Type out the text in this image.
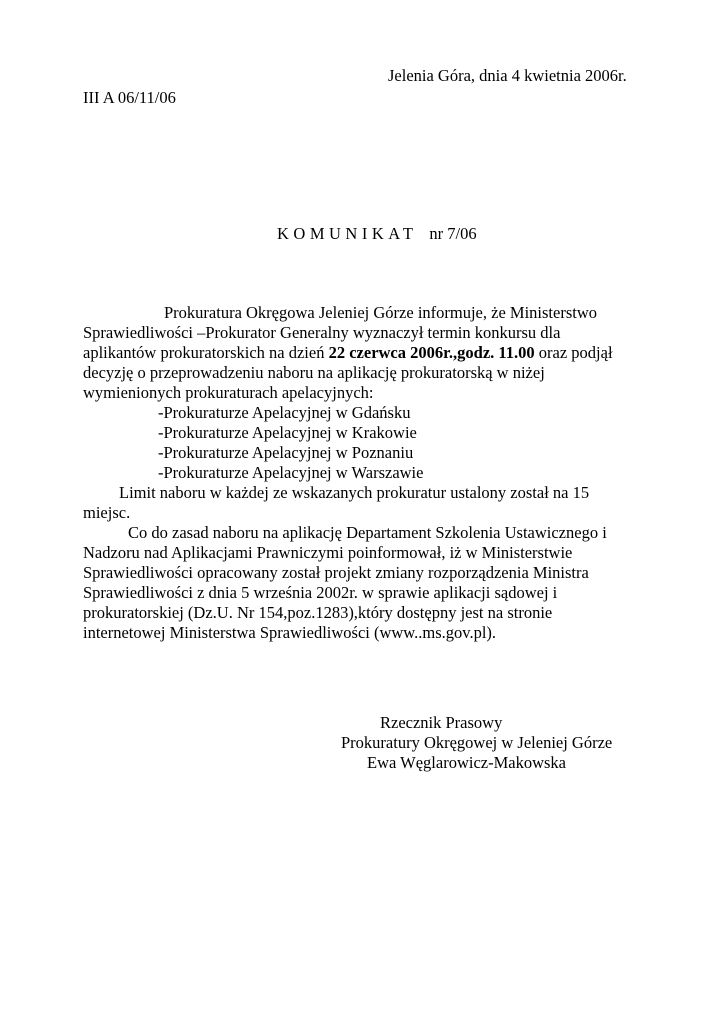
Jelenia Góra, dnia 4 kwietnia 2006r.
III A 06/11/06
KOMUNIKAT nr 7/06
Prokuratura Okręgowa Jeleniej Górze informuje, że Ministerstwo
Sprawiedliwości –Prokurator Generalny wyznaczył termin konkursu dla
aplikantów prokuratorskich na dzień 22 czerwca 2006r.,godz. 11.00 oraz podjął
decyzję o przeprowadzeniu naboru na aplikację prokuratorską w niżej
wymienionych prokuraturach apelacyjnych:
-Prokuraturze Apelacyjnej w Gdańsku
-Prokuraturze Apelacyjnej w Krakowie
-Prokuraturze Apelacyjnej w Poznaniu
-Prokuraturze Apelacyjnej w Warszawie
Limit naboru w każdej ze wskazanych prokuratur ustalony został na 15
miejsc.
Co do zasad naboru na aplikację Departament Szkolenia Ustawicznego i
Nadzoru nad Aplikacjami Prawniczymi poinformował, iż w Ministerstwie
Sprawiedliwości opracowany został projekt zmiany rozporządzenia Ministra
Sprawiedliwości z dnia 5 września 2002r. w sprawie aplikacji sądowej i
prokuratorskiej (Dz.U. Nr 154,poz.1283),który dostępny jest na stronie
internetowej Ministerstwa Sprawiedliwości (www..ms.gov.pl).
Rzecznik Prasowy
Prokuratury Okręgowej w Jeleniej Górze
Ewa Węglarowicz-Makowska
